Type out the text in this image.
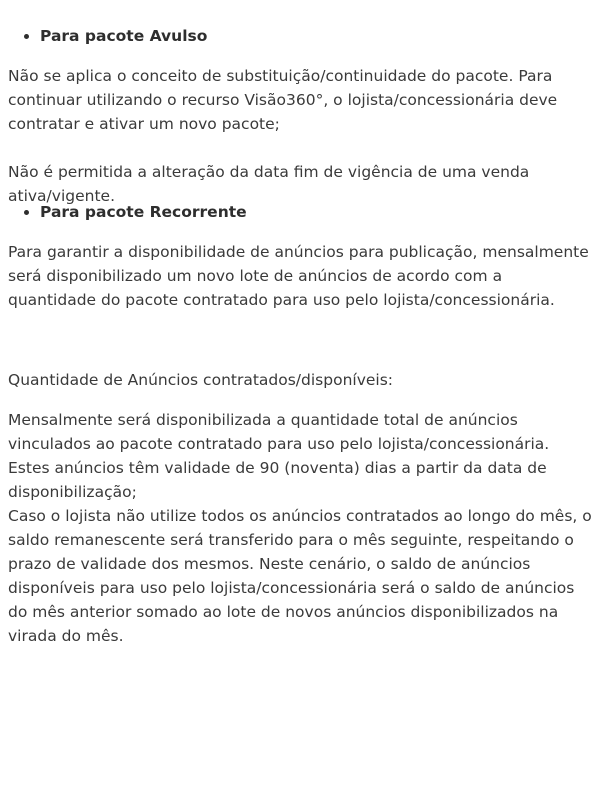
• Para pacote Avulso

Não se aplica o conceito de substituição/continuidade do pacote. Para continuar utilizando o recurso Visão360°, o lojista/concessionária deve contratar e ativar um novo pacote;

Não é permitida a alteração da data fim de vigência de uma venda ativa/vigente.

• Para pacote Recorrente

Para garantir a disponibilidade de anúncios para publicação, mensalmente será disponibilizado um novo lote de anúncios de acordo com a quantidade do pacote contratado para uso pelo lojista/concessionária.

Quantidade de Anúncios contratados/disponíveis:

Mensalmente será disponibilizada a quantidade total de anúncios vinculados ao pacote contratado para uso pelo lojista/concessionária. Estes anúncios têm validade de 90 (noventa) dias a partir da data de disponibilização;

Caso o lojista não utilize todos os anúncios contratados ao longo do mês, o saldo remanescente será transferido para o mês seguinte, respeitando o prazo de validade dos mesmos. Neste cenário, o saldo de anúncios disponíveis para uso pelo lojista/concessionária será o saldo de anúncios do mês anterior somado ao lote de novos anúncios disponibilizados na virada do mês.
